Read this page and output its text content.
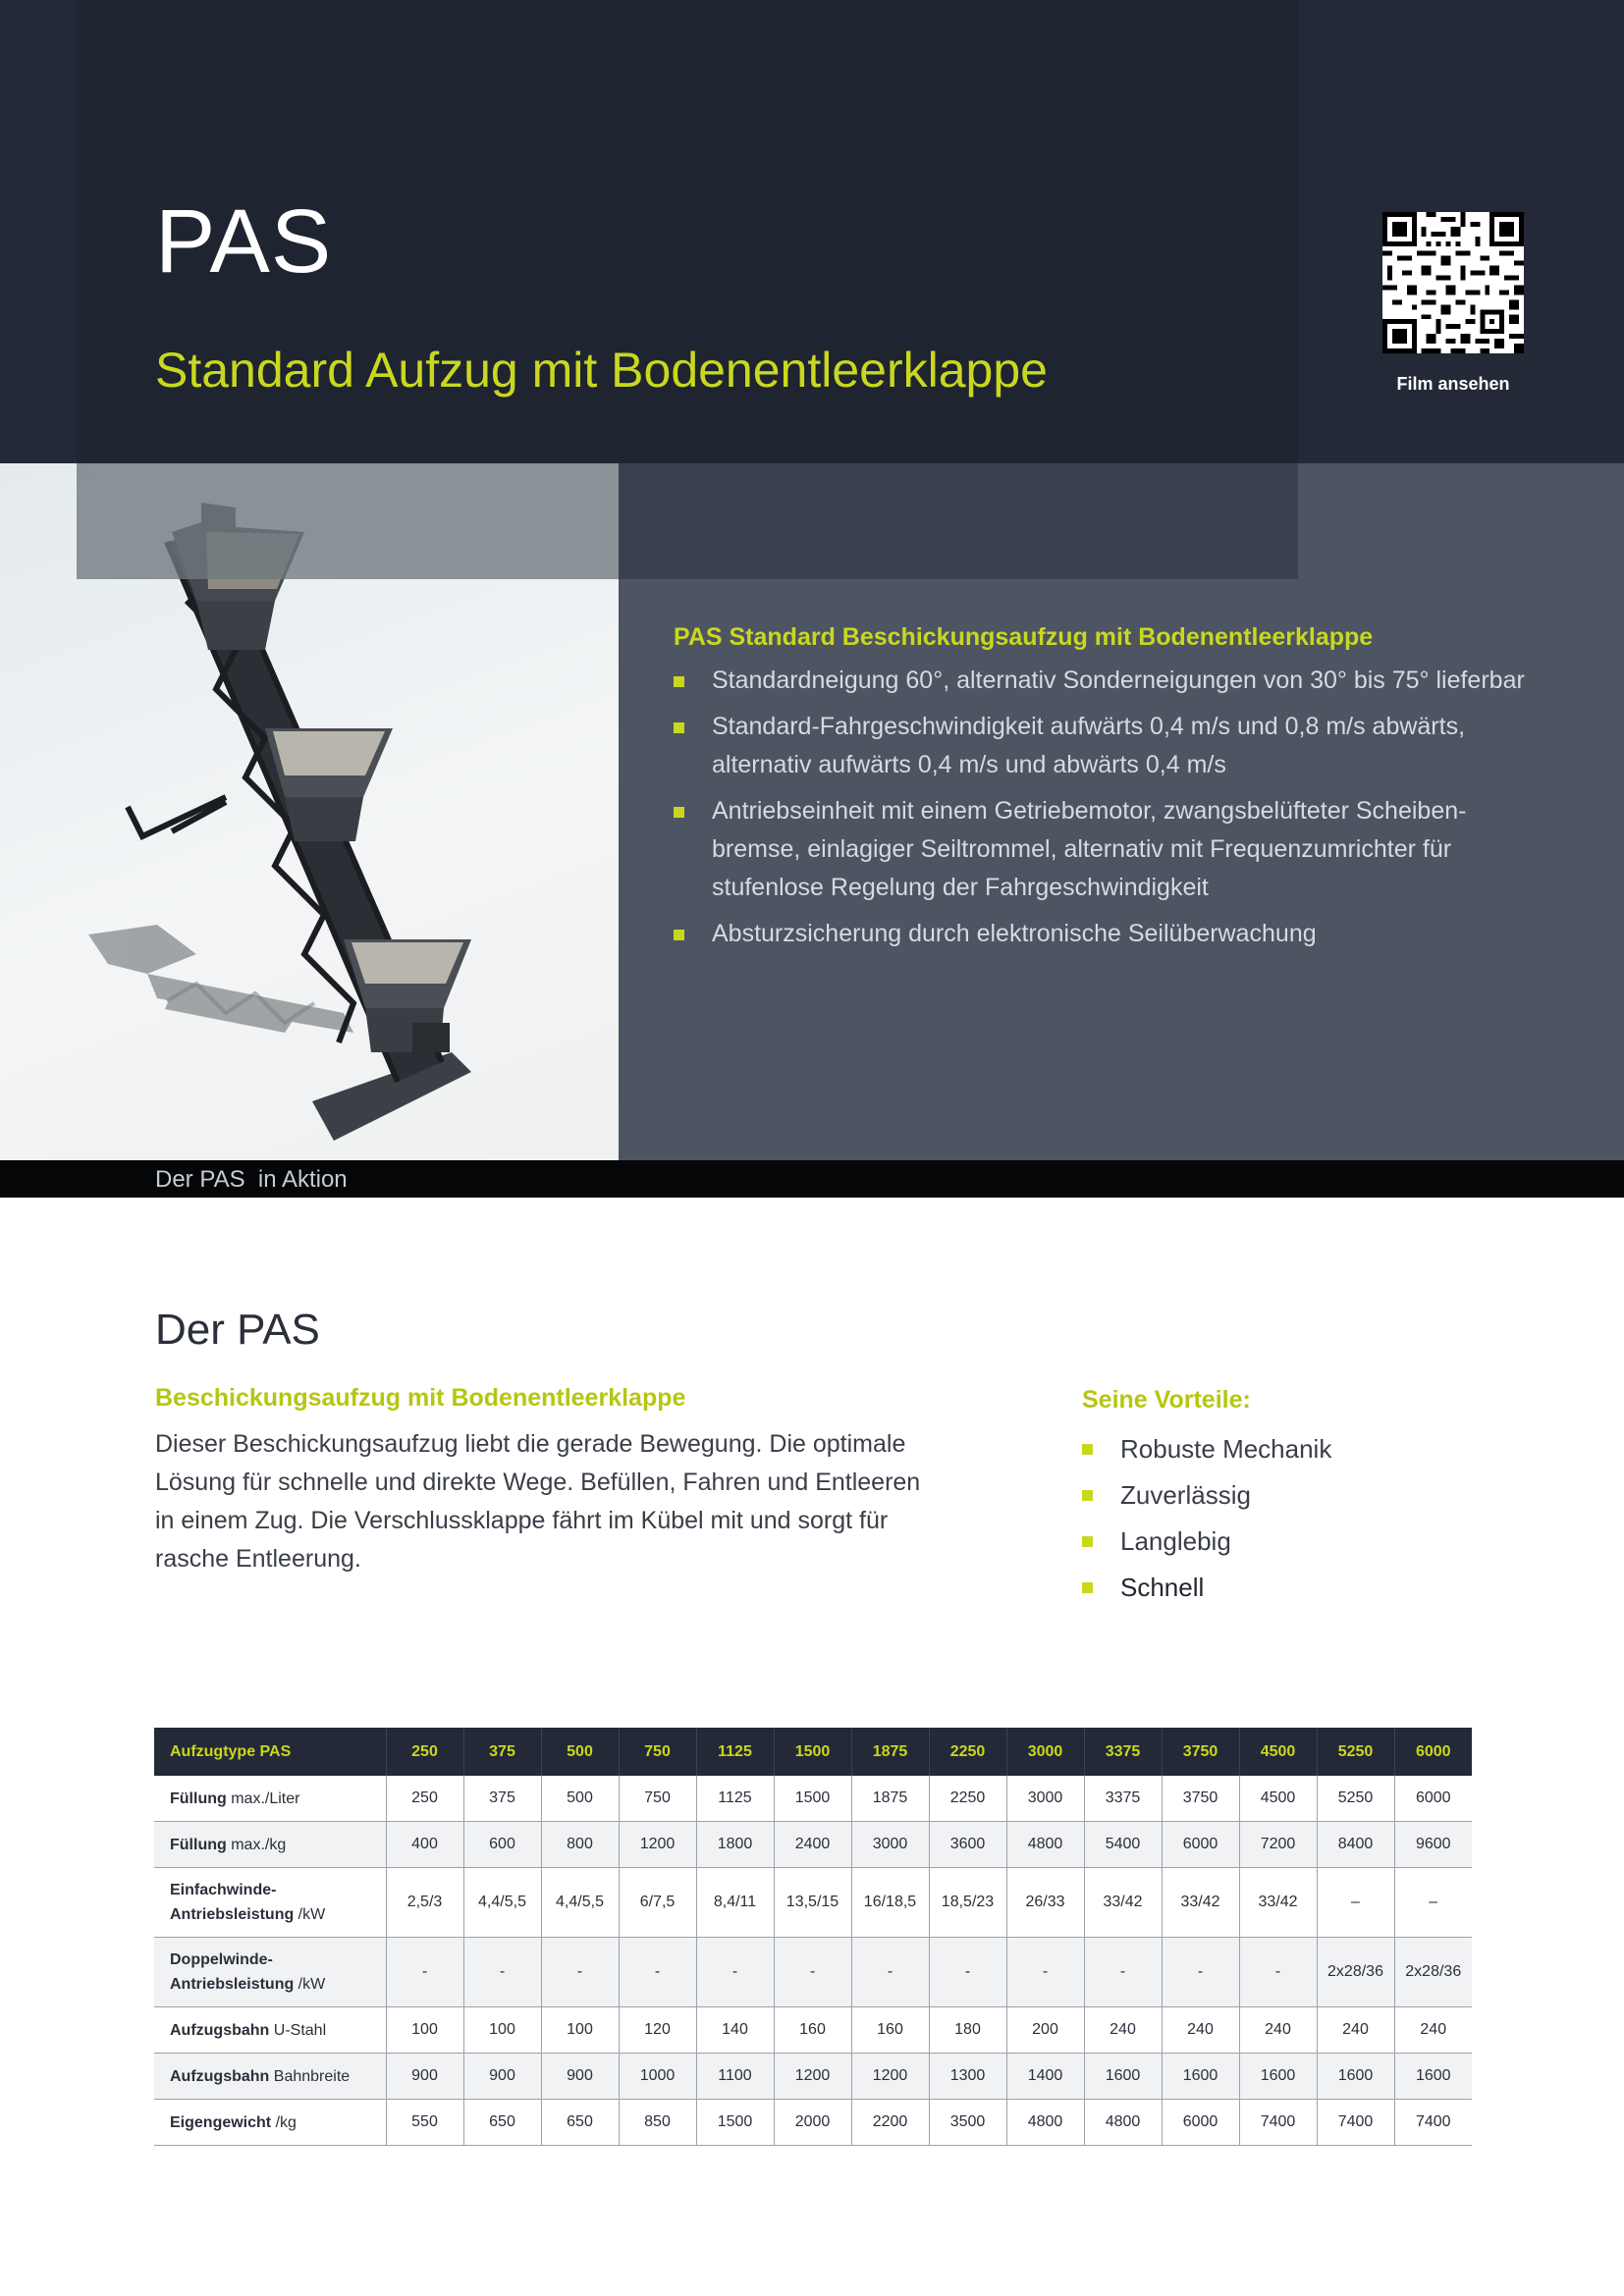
PAS
Standard Aufzug mit Bodenentleerklappe	Film ansehen
PAS Standard Beschickungsaufzug mit Bodenentleerklappe
Standardneigung 60°, alternativ Sonderneigungen von 30° bis 75° lieferbar
Standard-Fahrgeschwindigkeit aufwärts 0,4 m/s und 0,8 m/s abwärts, alternativ aufwärts 0,4 m/s und abwärts 0,4 m/s
Antriebseinheit mit einem Getriebemotor, zwangsbelüfteter Scheiben-bremse, einlagiger Seiltrommel, alternativ mit Frequenzumrichter für stufenlose Regelung der Fahrgeschwindigkeit
Absturzsicherung durch elektronische Seilüberwachung
Der PAS  in Aktion
Der PAS
Beschickungsaufzug mit Bodenentleerklappe
Dieser Beschickungsaufzug liebt die gerade Bewegung. Die optimale Lösung für schnelle und direkte Wege. Befüllen, Fahren und Entleeren in einem Zug. Die Verschlussklappe fährt im Kübel mit und sorgt für rasche Entleerung.
Seine Vorteile:
Robuste Mechanik
Zuverlässig
Langlebig
Schnell
Aufzugtype PAS	250	375	500	750	1125	1500	1875	2250	3000	3375	3750	4500	5250	6000
Füllung max./Liter	250	375	500	750	1125	1500	1875	2250	3000	3375	3750	4500	5250	6000
Füllung max./kg	400	600	800	1200	1800	2400	3000	3600	4800	5400	6000	7200	8400	9600
Einfachwinde-
Antriebsleistung /kW	2,5/3	4,4/5,5	4,4/5,5	6/7,5	8,4/11	13,5/15	16/18,5	18,5/23	26/33	33/42	33/42	33/42	–	–
Doppelwinde-
Antriebsleistung /kW	-	-	-	-	-	-	-	-	-	-	-	-	2x28/36	2x28/36
Aufzugsbahn U-Stahl	100	100	100	120	140	160	160	180	200	240	240	240	240	240
Aufzugsbahn Bahnbreite	900	900	900	1000	1100	1200	1200	1300	1400	1600	1600	1600	1600	1600
Eigengewicht /kg	550	650	650	850	1500	2000	2200	3500	4800	4800	6000	7400	7400	7400
